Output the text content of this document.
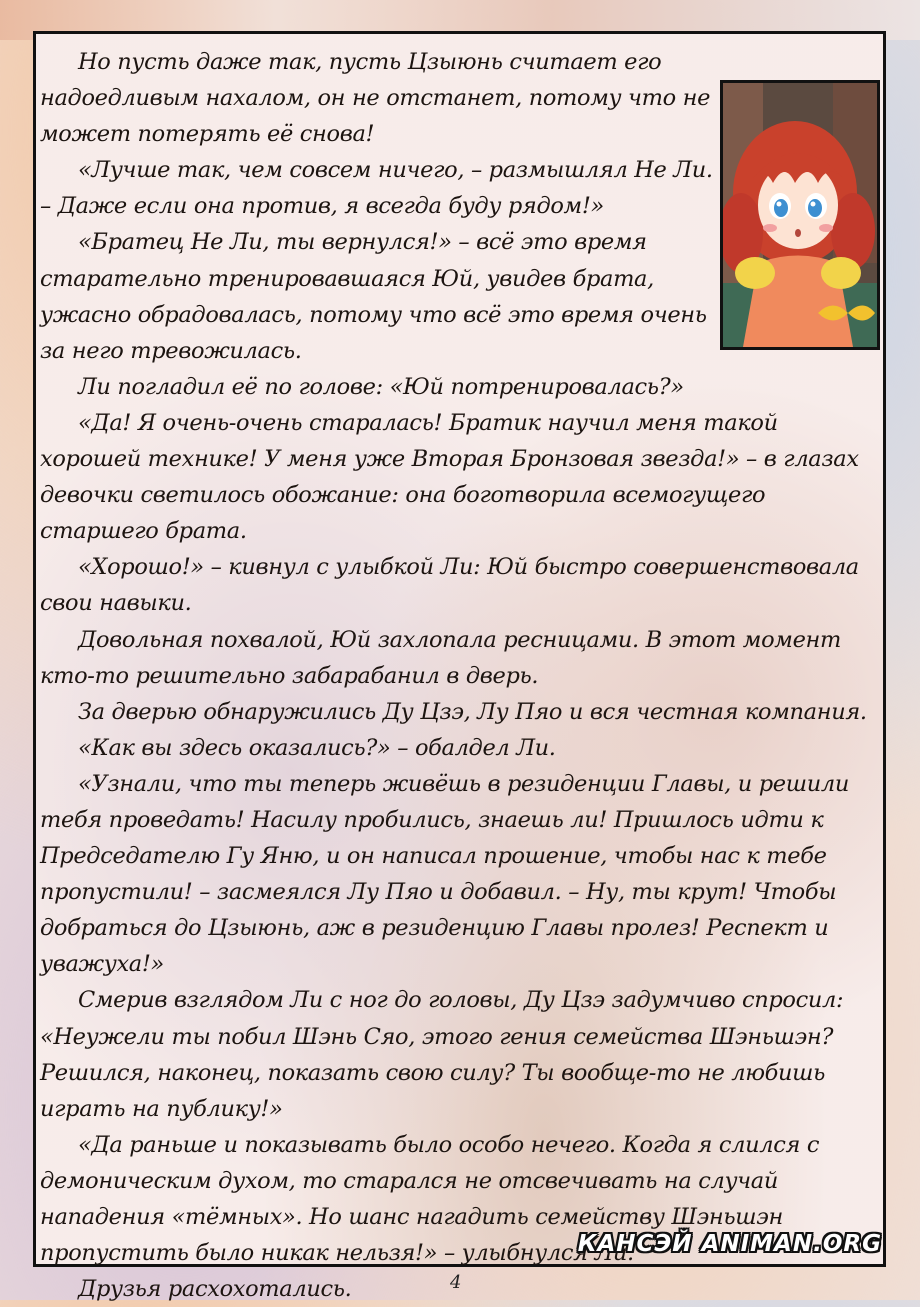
Но пусть даже так, пусть Цзыюнь считает его надоедливым нахалом, он не отстанет, потому что не может потерять её снова!

«Лучше так, чем совсем ничего, – размышлял Не Ли. – Даже если она против, я всегда буду рядом!»

«Братец Не Ли, ты вернулся!» – всё это время старательно тренировавшаяся Юй, увидев брата, ужасно обрадовалась, потому что всё это время очень за него тревожилась.

Ли погладил её по голове: «Юй потренировалась?»

«Да! Я очень-очень старалась! Братик научил меня такой хорошей технике! У меня уже Вторая Бронзовая звезда!» – в глазах девочки светилось обожание: она боготворила всемогущего старшего брата.

«Хорошо!» – кивнул с улыбкой Ли: Юй быстро совершенствовала свои навыки.

Довольная похвалой, Юй захлопала ресницами. В этот момент кто-то решительно забарабанил в дверь.

За дверью обнаружились Ду Цзэ, Лу Пяо и вся честная компания.

«Как вы здесь оказались?» – обалдел Ли.

«Узнали, что ты теперь живёшь в резиденции Главы, и решили тебя проведать! Насилу пробились, знаешь ли! Пришлось идти к Председателю Гу Яню, и он написал прошение, чтобы нас к тебе пропустили! – засмеялся Лу Пяо и добавил. – Ну, ты крут! Чтобы добраться до Цзыюнь, аж в резиденцию Главы пролез! Респект и уважуха!»

Смерив взглядом Ли с ног до головы, Ду Цзэ задумчиво спросил: «Неужели ты побил Шэнь Сяо, этого гения семейства Шэньшэн? Решился, наконец, показать свою силу? Ты вообще-то не любишь играть на публику!»

«Да раньше и показывать было особо нечего. Когда я слился с демоническим духом, то старался не отсвечивать на случай нападения «тёмных». Но шанс нагадить семейству Шэньшэн пропустить было никак нельзя!» – улыбнулся Ли.

Друзья расхохотались.

КАНСЭЙ ANIMAN.ORG
4
